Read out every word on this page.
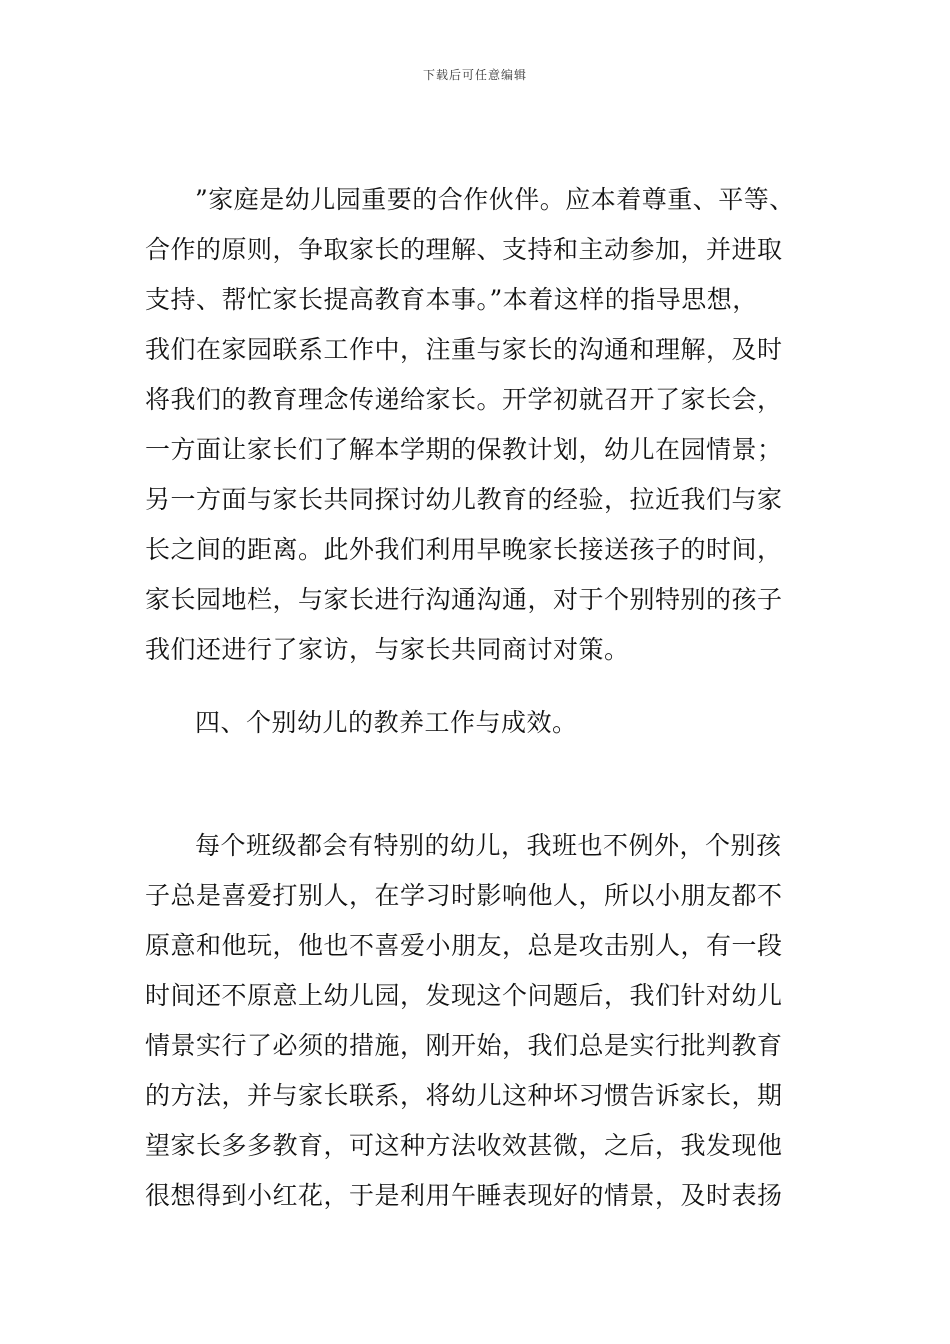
下载后可任意编辑
”家庭是幼儿园重要的合作伙伴。应本着尊重、平等、
合作的原则，争取家长的理解、支持和主动参加，并进取
支持、帮忙家长提高教育本事。”本着这样的指导思想，
我们在家园联系工作中，注重与家长的沟通和理解，及时
将我们的教育理念传递给家长。开学初就召开了家长会，
一方面让家长们了解本学期的保教计划，幼儿在园情景；
另一方面与家长共同探讨幼儿教育的经验，拉近我们与家
长之间的距离。此外我们利用早晚家长接送孩子的时间，
家长园地栏，与家长进行沟通沟通，对于个别特别的孩子
我们还进行了家访，与家长共同商讨对策。
四、个别幼儿的教养工作与成效。
每个班级都会有特别的幼儿，我班也不例外，个别孩
子总是喜爱打别人，在学习时影响他人，所以小朋友都不
原意和他玩，他也不喜爱小朋友，总是攻击别人，有一段
时间还不原意上幼儿园，发现这个问题后，我们针对幼儿
情景实行了必须的措施，刚开始，我们总是实行批判教育
的方法，并与家长联系，将幼儿这种坏习惯告诉家长，期
望家长多多教育，可这种方法收效甚微，之后，我发现他
很想得到小红花，于是利用午睡表现好的情景，及时表扬
